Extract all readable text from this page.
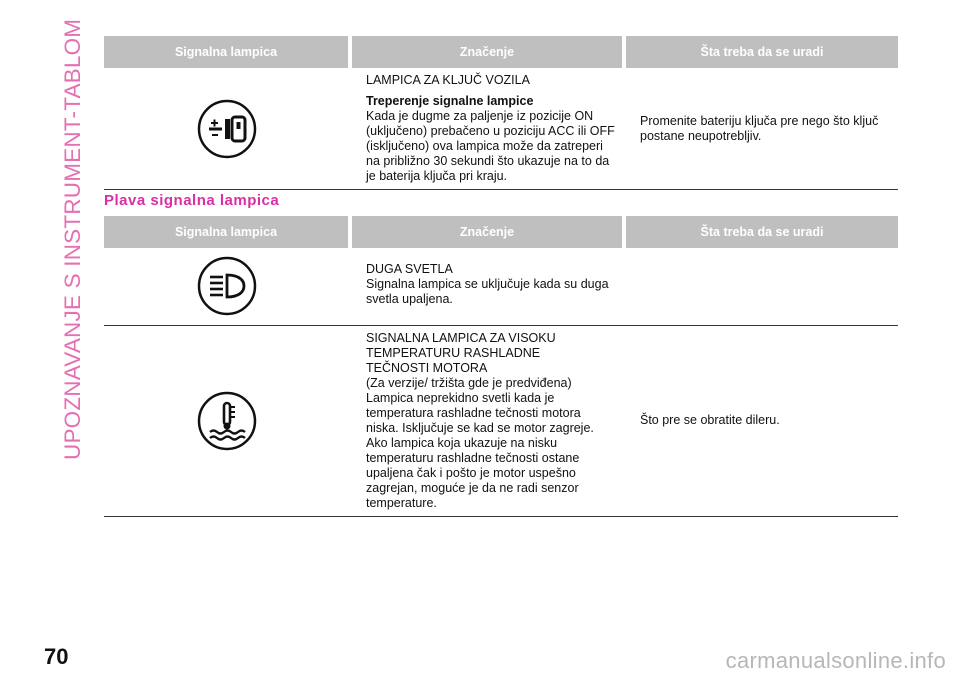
UPOZNAVANJE S INSTRUMENT-TABLOM	Signalna lampica	Značenje	Šta treba da se uradi

LAMPICA ZA KLJUČ VOZILA
Treperenje signalne lampice
Kada je dugme za paljenje iz pozicije ON (uključeno) prebačeno u poziciju ACC ili OFF (isključeno) ova lampica može da zatreperi na približno 30 sekundi što ukazuje na to da je baterija ključa pri kraju.	Promenite bateriju ključa pre nego što ključ postane neupotrebljiv.
Plava signalna lampica
Signalna lampica	Značenje	Šta treba da se uradi

DUGA SVETLA
Signalna lampica se uključuje kada su duga svetla upaljena.	

SIGNALNA LAMPICA ZA VISOKU TEMPERATURU RASHLADNE TEČNOSTI MOTORA
(Za verzije/ tržišta gde je predviđena)
Lampica neprekidno svetli kada je temperatura rashladne tečnosti motora niska. Isključuje se kad se motor zagreje. Ako lampica koja ukazuje na nisku temperaturu rashladne tečnosti ostane upaljena čak i pošto je motor uspešno zagrejan, moguće je da ne radi senzor temperature.	Što pre se obratite dileru.
70	carmanualsonline.info
